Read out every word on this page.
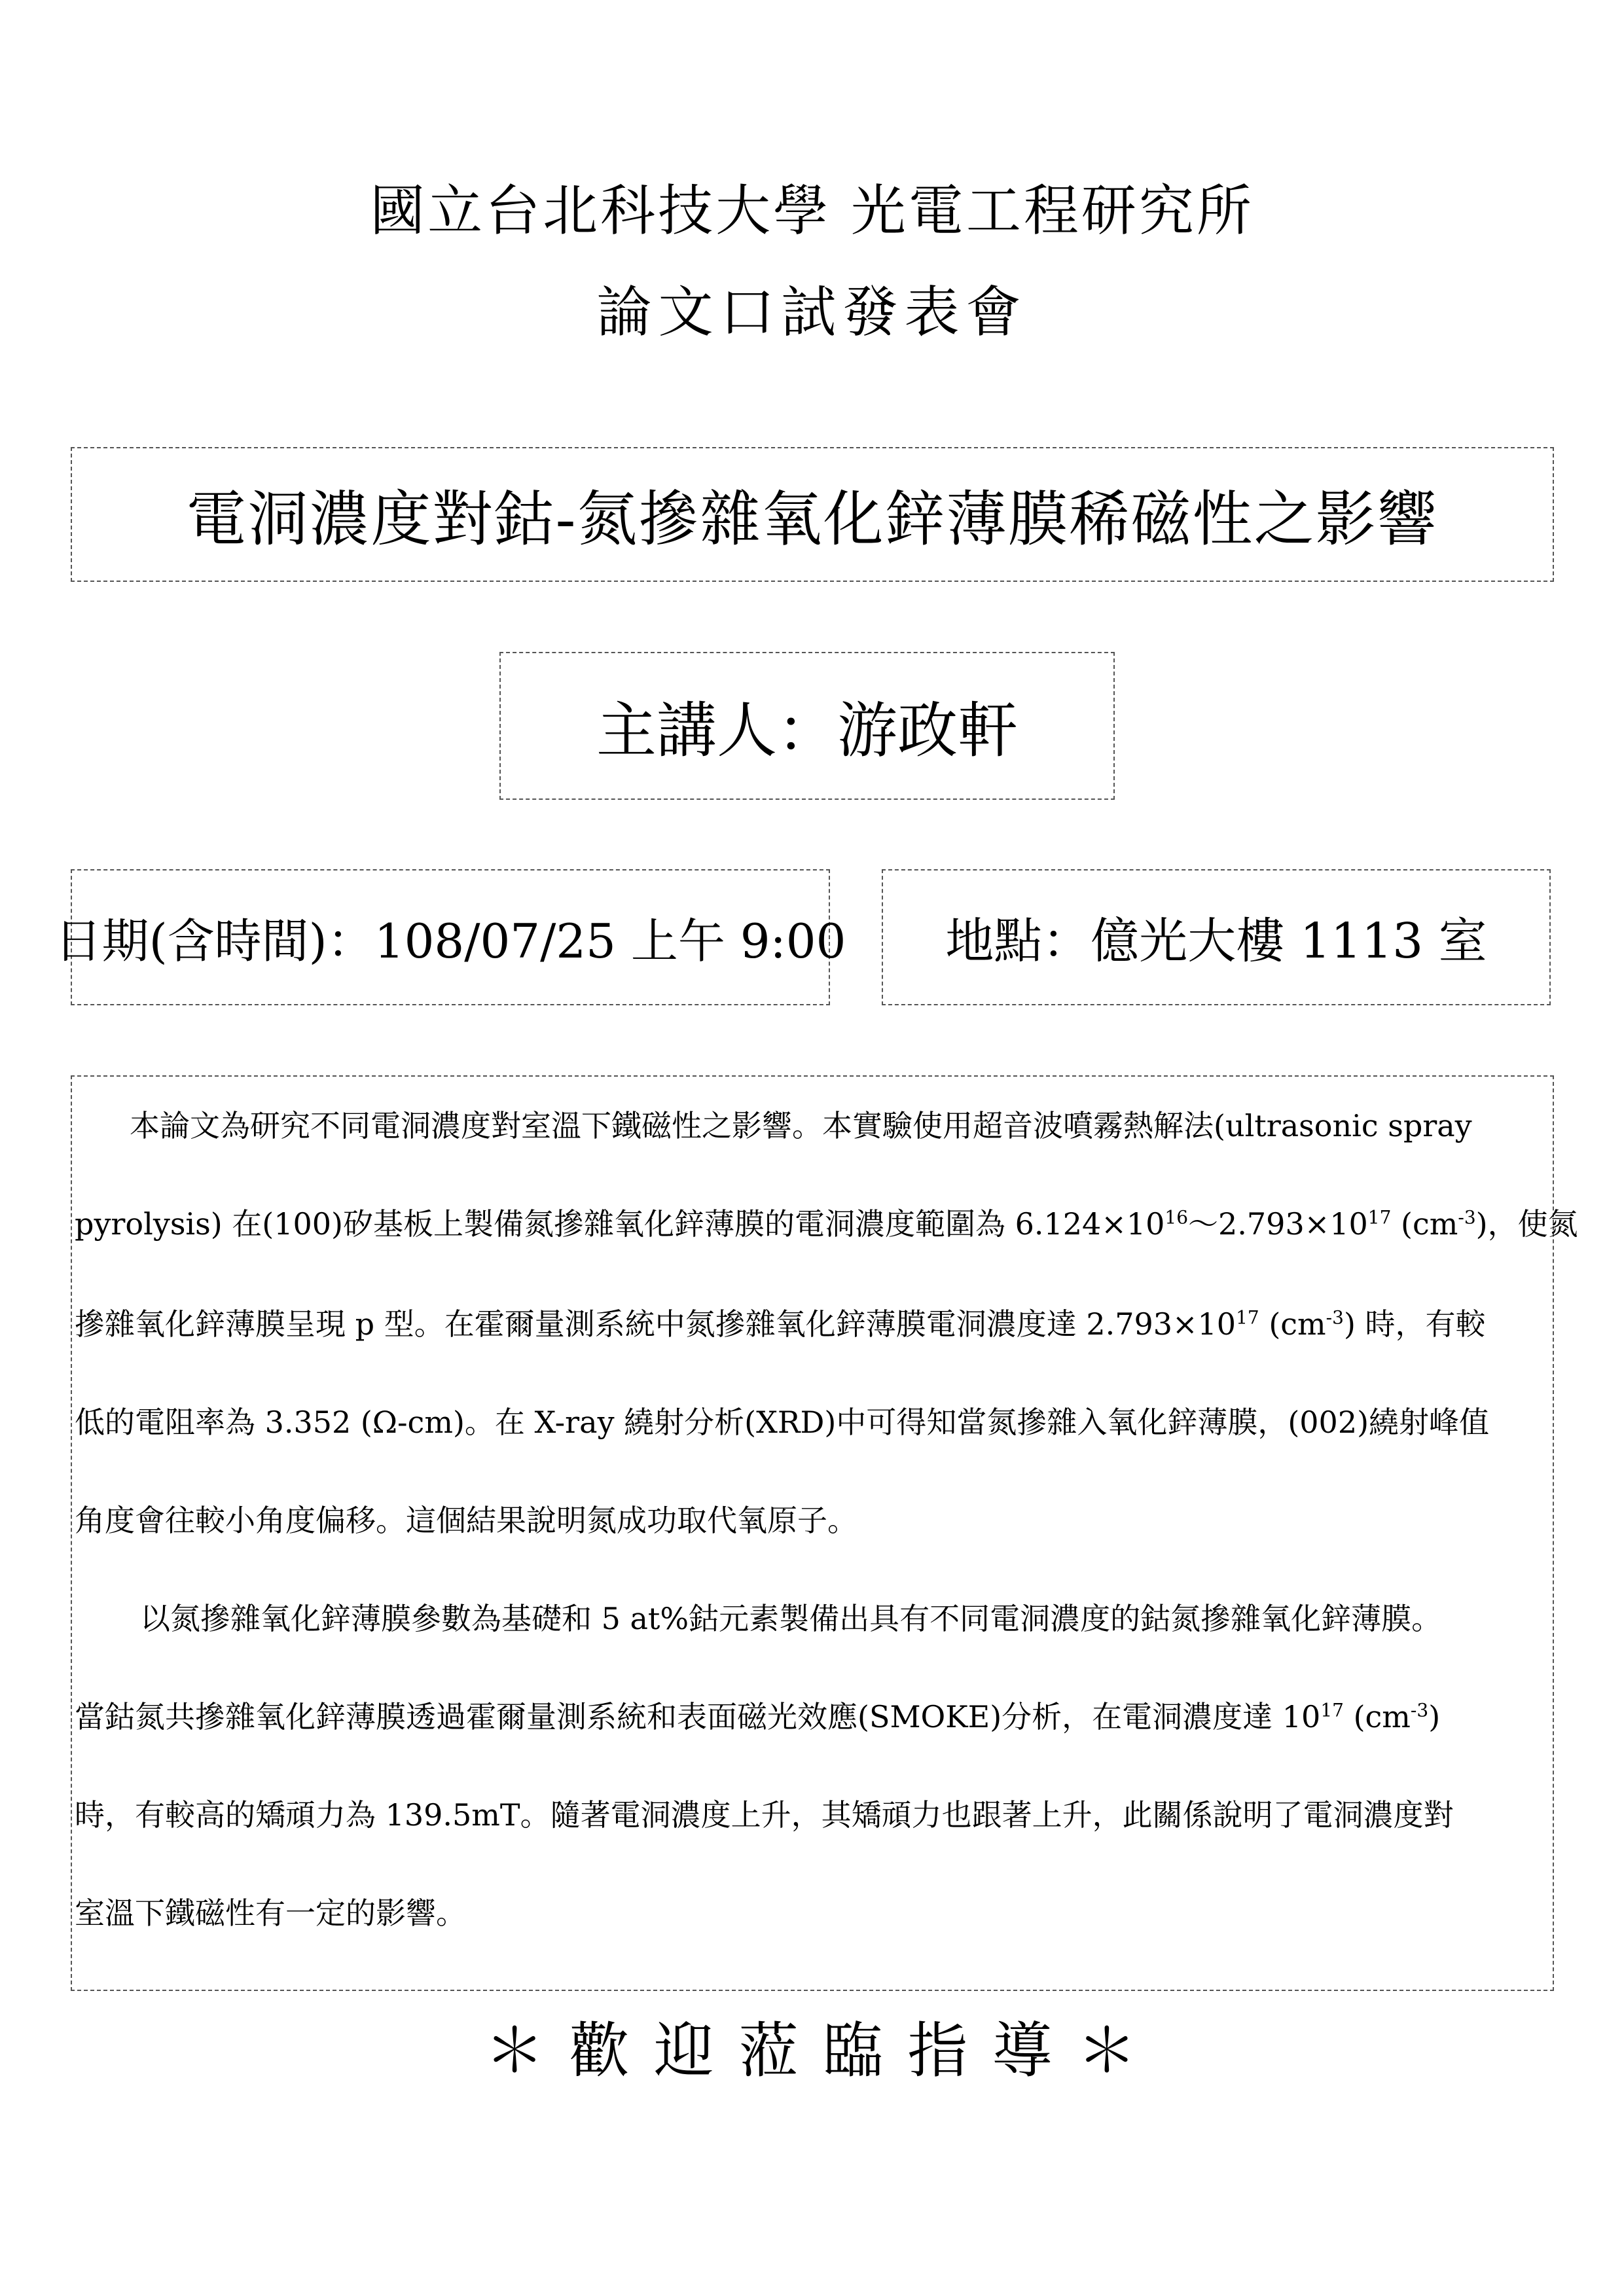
國立台北科技大學 光電工程研究所
論文口試發表會
電洞濃度對鈷-氮摻雜氧化鋅薄膜稀磁性之影響
主講人：游政軒
日期(含時間)：108/07/25 上午 9:00 地點：億光大樓 1113 室
本論文為研究不同電洞濃度對室溫下鐵磁性之影響。本實驗使用超音波噴霧熱解法(ultrasonic spray
pyrolysis) 在(100)矽基板上製備氮摻雜氧化鋅薄膜的電洞濃度範圍為 $6.124\times 10^{16}\sim 2.793\times 10^{17}$ $(cm^{-3})$，使氮
摻雜氧化鋅薄膜呈現 p 型。在霍爾量測系統中氮摻雜氧化鋅薄膜電洞濃度達 $2.793\times 10^{17}$ $(cm^{-3})$ 時，有較
低的電阻率為 3.352 (Ω-cm)。在 X-ray 繞射分析(XRD)中可得知當氮摻雜入氧化鋅薄膜，(002)繞射峰值
角度會往較小角度偏移。這個結果說明氮成功取代氧原子。
以氮摻雜氧化鋅薄膜參數為基礎和 5 at%鈷元素製備出具有不同電洞濃度的鈷氮摻雜氧化鋅薄膜。
當鈷氮共摻雜氧化鋅薄膜透過霍爾量測系統和表面磁光效應(SMOKE)分析，在電洞濃度達 $10^{17}$ $(cm^{-3})$
時，有較高的矯頑力為 139.5mT。隨著電洞濃度上升，其矯頑力也跟著上升，此關係說明了電洞濃度對
室溫下鐵磁性有一定的影響。
＊ 歡 迎 蒞 臨 指 導 ＊
